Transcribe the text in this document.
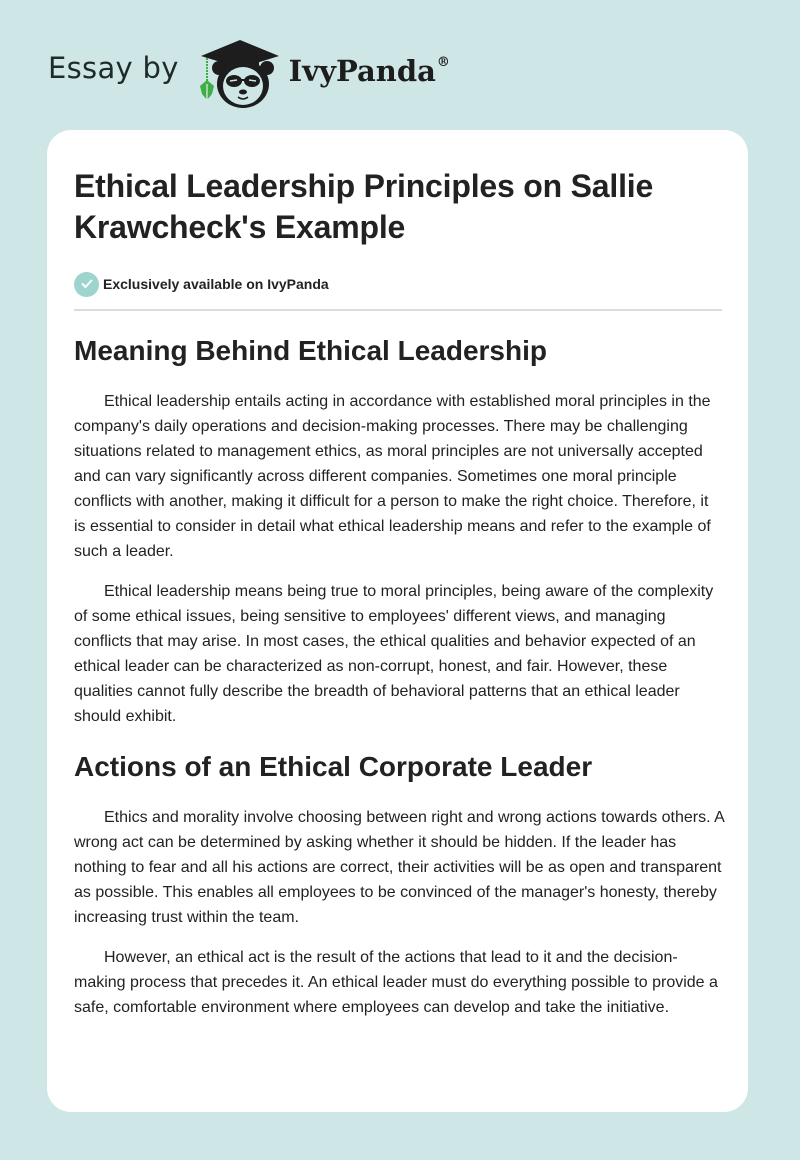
Essay by	IvyPanda®
Ethical Leadership Principles on Sallie Krawcheck's Example
Exclusively available on IvyPanda
Meaning Behind Ethical Leadership

Ethical leadership entails acting in accordance with established moral principles in the company's daily operations and decision-making processes. There may be challenging situations related to management ethics, as moral principles are not universally accepted and can vary significantly across different companies. Sometimes one moral principle conflicts with another, making it difficult for a person to make the right choice. Therefore, it is essential to consider in detail what ethical leadership means and refer to the example of such a leader.

Ethical leadership means being true to moral principles, being aware of the complexity of some ethical issues, being sensitive to employees' different views, and managing conflicts that may arise. In most cases, the ethical qualities and behavior expected of an ethical leader can be characterized as non-corrupt, honest, and fair. However, these qualities cannot fully describe the breadth of behavioral patterns that an ethical leader should exhibit.

Actions of an Ethical Corporate Leader

Ethics and morality involve choosing between right and wrong actions towards others. A wrong act can be determined by asking whether it should be hidden. If the leader has nothing to fear and all his actions are correct, their activities will be as open and transparent as possible. This enables all employees to be convinced of the manager's honesty, thereby increasing trust within the team.

However, an ethical act is the result of the actions that lead to it and the decision-making process that precedes it. An ethical leader must do everything possible to provide a safe, comfortable environment where employees can develop and take the initiative.
